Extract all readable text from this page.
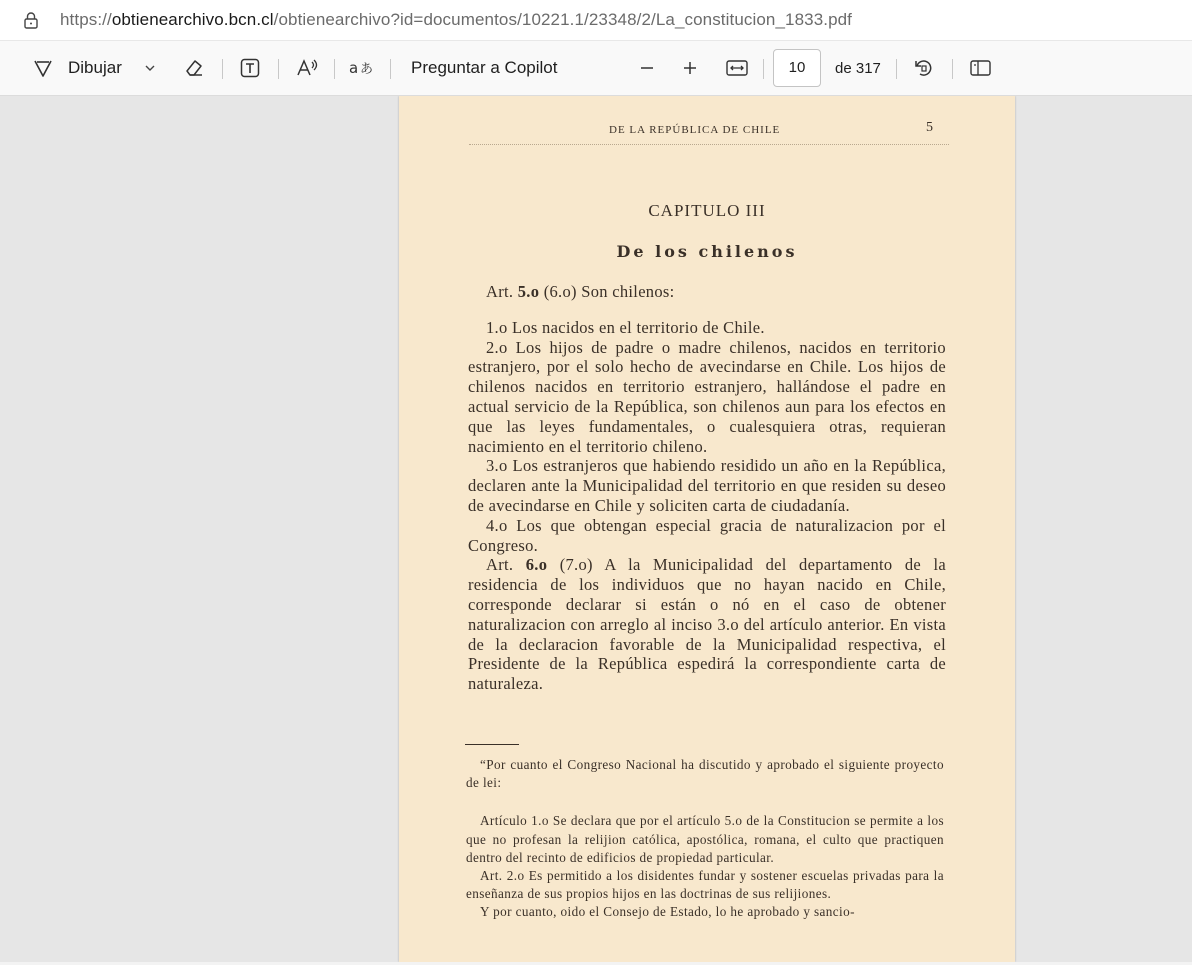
https://obtienearchivo.bcn.cl/obtienearchivo?id=documentos/10221.1/23348/2/La_constitucion_1833.pdf
Dibujar	a あ Preguntar a Copilot	10	de 317
DE LA REPÚBLICA DE CHILE	5
CAPITULO III
De los chilenos

Art. 5.o (6.o) Son chilenos:

1.o Los nacidos en el territorio de Chile.

2.o Los hijos de padre o madre chilenos, nacidos en territorio estranjero, por el solo hecho de avecindarse en Chile. Los hijos de chilenos nacidos en territorio estranjero, hallándose el padre en actual servicio de la República, son chilenos aun para los efectos en que las leyes fundamentales, o cualesquiera otras, requieran nacimiento en el territorio chileno.

3.o Los estranjeros que habiendo residido un año en la República, declaren ante la Municipalidad del territorio en que residen su deseo de avecindarse en Chile y soliciten carta de ciudadanía.

4.o Los que obtengan especial gracia de naturalizacion por el Congreso.

Art. 6.o (7.o) A la Municipalidad del departamento de la residencia de los individuos que no hayan nacido en Chile, corresponde declarar si están o nó en el caso de obtener naturalizacion con arreglo al inciso 3.o del artículo anterior. En vista de la declaracion favorable de la Municipalidad respectiva, el Presidente de la República espedirá la correspondiente carta de naturaleza.

“Por cuanto el Congreso Nacional ha discutido y aprobado el siguiente proyecto de lei:

Artículo 1.o Se declara que por el artículo 5.o de la Constitucion se permite a los que no profesan la relijion católica, apostólica, romana, el culto que practiquen dentro del recinto de edificios de propiedad particular.

Art. 2.o Es permitido a los disidentes fundar y sostener escuelas privadas para la enseñanza de sus propios hijos en las doctrinas de sus relijiones.

Y por cuanto, oido el Consejo de Estado, lo he aprobado y sancio-
